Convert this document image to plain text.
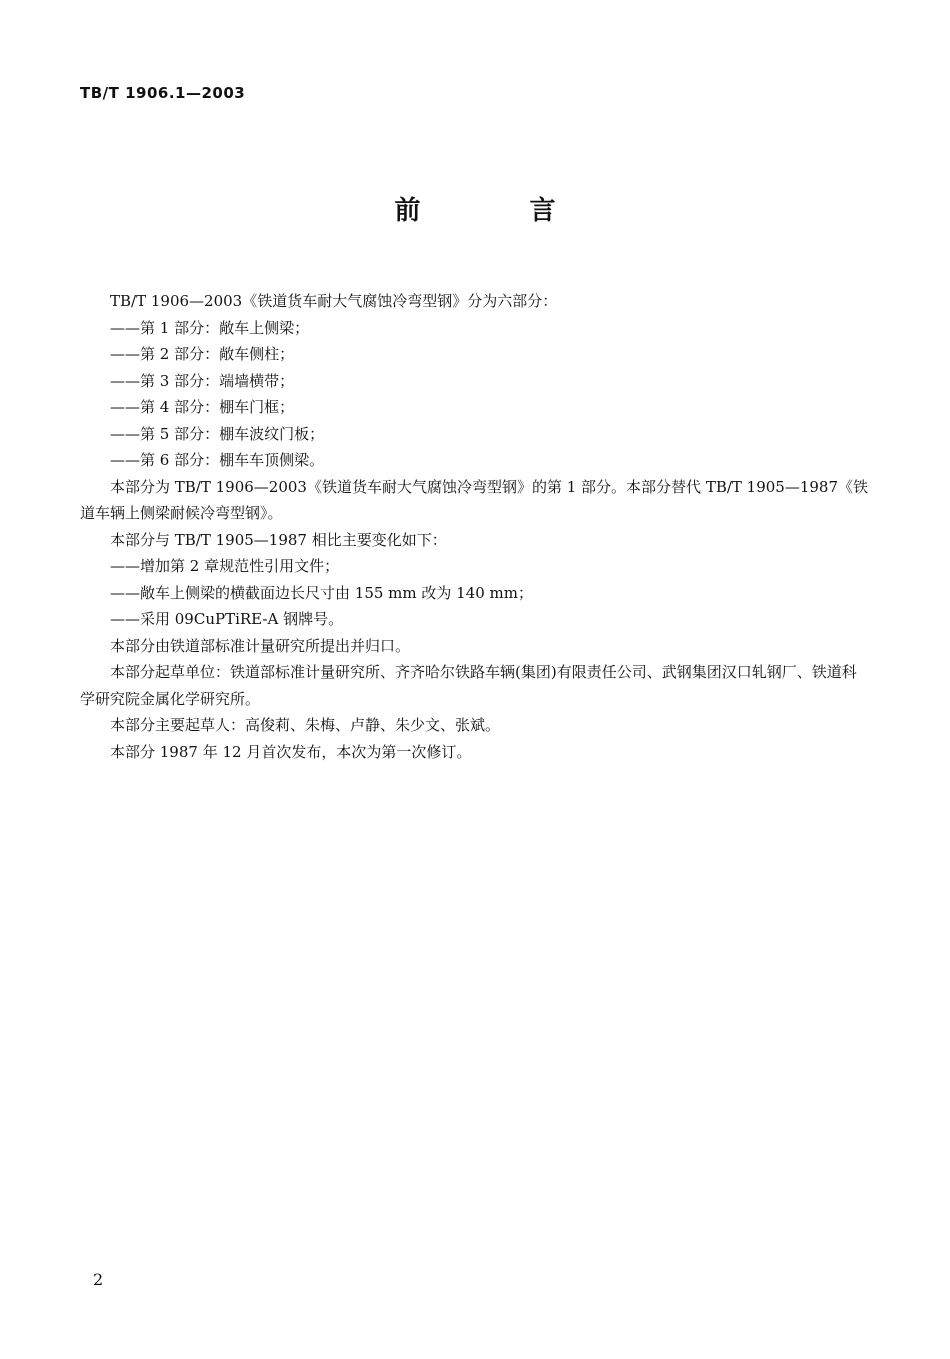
TB/T 1906.1—2003
前 言

TB/T 1906—2003《铁道货车耐大气腐蚀冷弯型钢》分为六部分：

——第 1 部分：敞车上侧梁；

——第 2 部分：敞车侧柱；

——第 3 部分：端墙横带；

——第 4 部分：棚车门框；

——第 5 部分：棚车波纹门板；

——第 6 部分：棚车车顶侧梁。

本部分为 TB/T 1906—2003《铁道货车耐大气腐蚀冷弯型钢》的第 1 部分。本部分替代 TB/T 1905—1987《铁道车辆上侧梁耐候冷弯型钢》。

本部分与 TB/T 1905—1987 相比主要变化如下：

——增加第 2 章规范性引用文件；

——敞车上侧梁的横截面边长尺寸由 155 mm 改为 140 mm；

——采用 09CuPTiRE-A 钢牌号。

本部分由铁道部标准计量研究所提出并归口。

本部分起草单位：铁道部标准计量研究所、齐齐哈尔铁路车辆(集团)有限责任公司、武钢集团汉口轧钢厂、铁道科学研究院金属化学研究所。

本部分主要起草人：高俊莉、朱梅、卢静、朱少文、张斌。

本部分 1987 年 12 月首次发布，本次为第一次修订。

2
